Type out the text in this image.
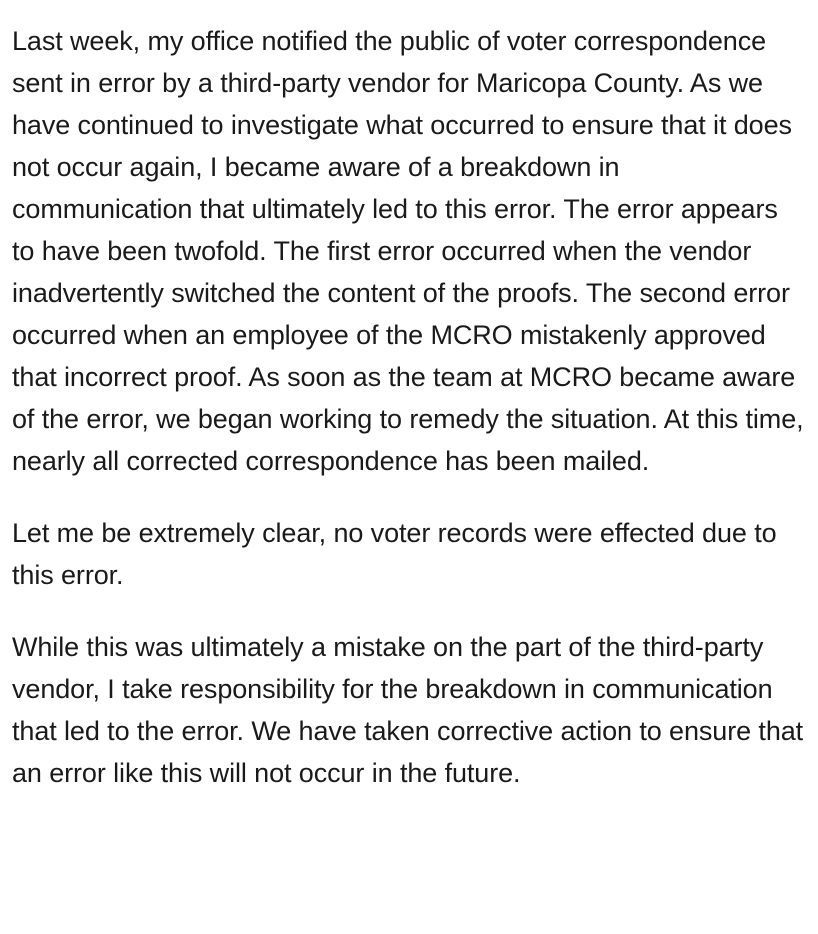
Last week, my office notified the public of voter correspondence sent in error by a third-party vendor for Maricopa County. As we have continued to investigate what occurred to ensure that it does not occur again, I became aware of a breakdown in communication that ultimately led to this error. The error appears to have been twofold. The first error occurred when the vendor inadvertently switched the content of the proofs. The second error occurred when an employee of the MCRO mistakenly approved that incorrect proof. As soon as the team at MCRO became aware of the error, we began working to remedy the situation. At this time, nearly all corrected correspondence has been mailed.

Let me be extremely clear, no voter records were effected due to this error.

While this was ultimately a mistake on the part of the third-party vendor, I take responsibility for the breakdown in communication that led to the error. We have taken corrective action to ensure that an error like this will not occur in the future.
